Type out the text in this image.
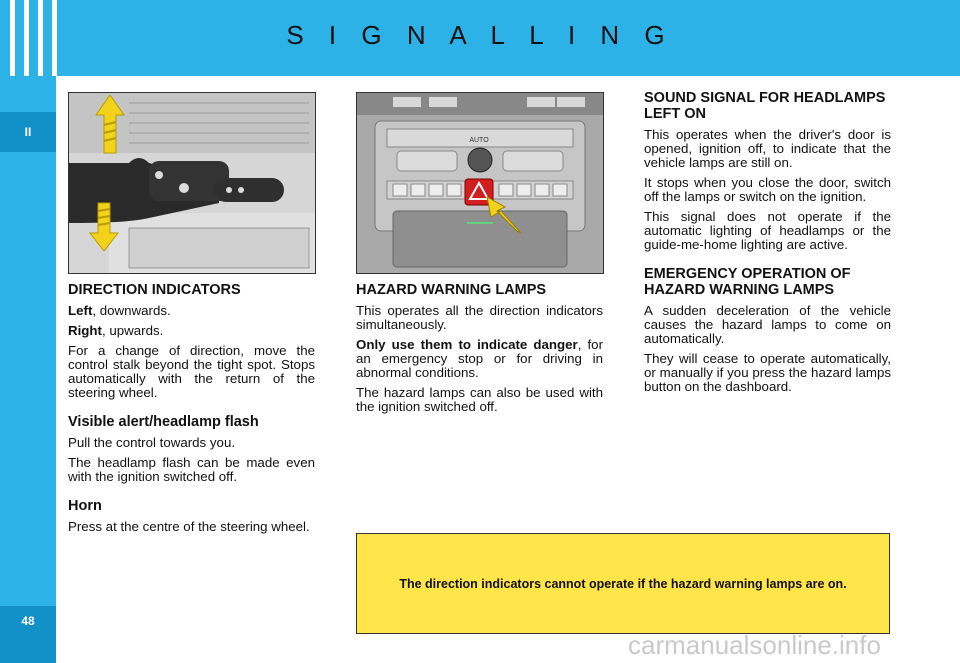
S I G N A L L I N G
II
48
AUTO
DIRECTION INDICATORS

Left, downwards.

Right, upwards.

For a change of direction, move the control stalk beyond the tight spot. Stops automatically with the return of the steering wheel.

Visible alert/headlamp flash

Pull the control towards you.

The headlamp flash can be made even with the ignition switched off.

Horn

Press at the centre of the steering wheel.

HAZARD WARNING LAMPS

This operates all the direction indicators simultaneously.

Only use them to indicate danger, for an emergency stop or for driving in abnormal conditions.

The hazard lamps can also be used with the ignition switched off.

SOUND SIGNAL FOR HEADLAMPS LEFT ON

This operates when the driver's door is opened, ignition off, to indicate that the vehicle lamps are still on.

It stops when you close the door, switch off the lamps or switch on the ignition.

This signal does not operate if the automatic lighting of headlamps or the guide-me-home lighting are active.

EMERGENCY OPERATION OF HAZARD WARNING LAMPS

A sudden deceleration of the vehicle causes the hazard lamps to come on automatically.

They will cease to operate automatically, or manually if you press the hazard lamps button on the dashboard.

The direction indicators cannot operate if the hazard warning lamps are on.
carmanualsonline.info
